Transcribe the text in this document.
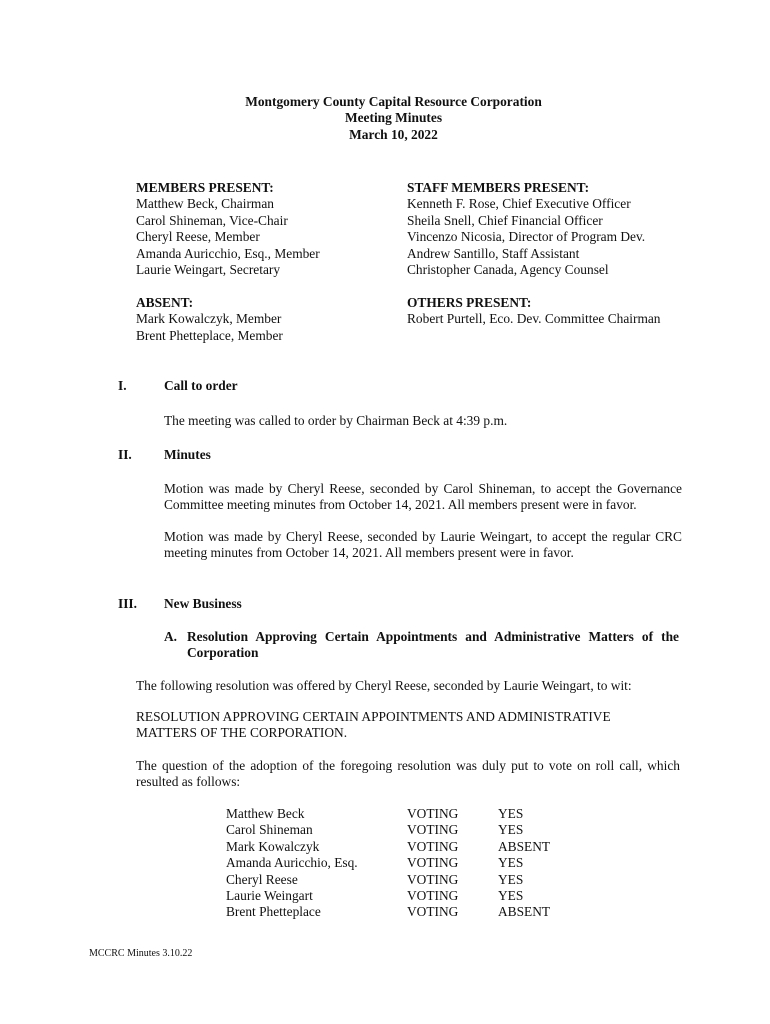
Montgomery County Capital Resource Corporation
Meeting Minutes
March 10, 2022
MEMBERS PRESENT:
Matthew Beck, Chairman
Carol Shineman, Vice-Chair
Cheryl Reese, Member
Amanda Auricchio, Esq., Member
Laurie Weingart, Secretary
STAFF MEMBERS PRESENT:
Kenneth F. Rose, Chief Executive Officer
Sheila Snell, Chief Financial Officer
Vincenzo Nicosia, Director of Program Dev.
Andrew Santillo, Staff Assistant
Christopher Canada, Agency Counsel
ABSENT:
Mark Kowalczyk, Member
Brent Phetteplace, Member
OTHERS PRESENT:
Robert Purtell, Eco. Dev. Committee Chairman
I.	Call to order
The meeting was called to order by Chairman Beck at 4:39 p.m.
II. Minutes
Motion was made by Cheryl Reese, seconded by Carol Shineman, to accept the Governance Committee meeting minutes from October 14, 2021. All members present were in favor.
Motion was made by Cheryl Reese, seconded by Laurie Weingart, to accept the regular CRC meeting minutes from October 14, 2021. All members present were in favor.
III. New Business
A. Resolution Approving Certain Appointments and Administrative Matters of the Corporation
The following resolution was offered by Cheryl Reese, seconded by Laurie Weingart, to wit:
RESOLUTION APPROVING CERTAIN APPOINTMENTS AND ADMINISTRATIVE MATTERS OF THE CORPORATION.
The question of the adoption of the foregoing resolution was duly put to vote on roll call, which resulted as follows:
Matthew Beck
Carol Shineman
Mark Kowalczyk
Amanda Auricchio, Esq.
Cheryl Reese
Laurie Weingart
Brent Phetteplace
VOTING
VOTING
VOTING
VOTING
VOTING
VOTING
VOTING
YES
YES
ABSENT
YES
YES
YES
ABSENT
MCCRC Minutes 3.10.22
